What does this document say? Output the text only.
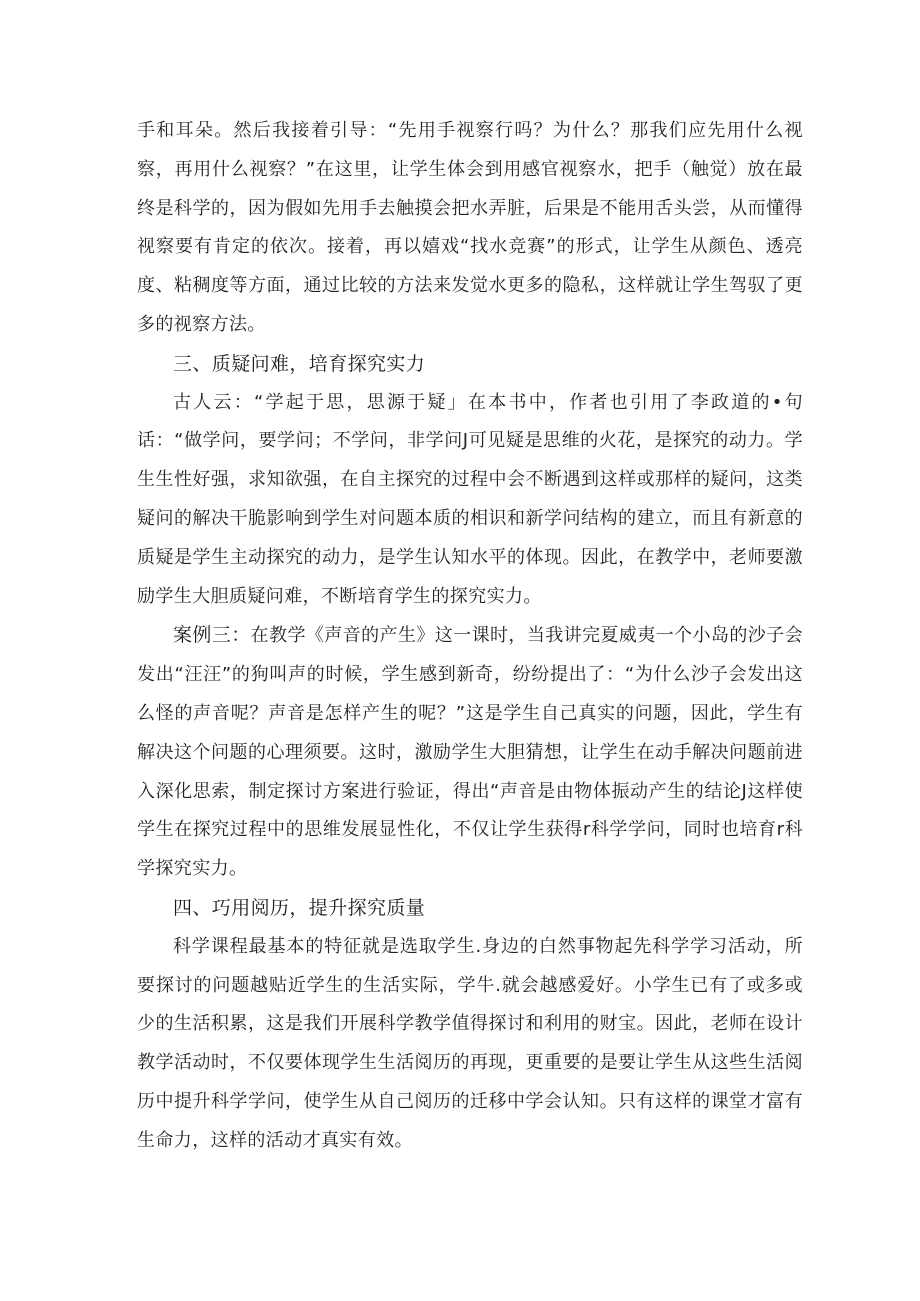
手和耳朵。然后我接着引导：“先用手视察行吗？为什么？那我们应先用什么视察，再用什么视察？”在这里，让学生体会到用感官视察水，把手（触觉）放在最终是科学的，因为假如先用手去触摸会把水弄脏，后果是不能用舌头尝，从而懂得视察要有肯定的依次。接着，再以嬉戏“找水竞赛”的形式，让学生从颜色、透亮度、粘稠度等方面，通过比较的方法来发觉水更多的隐私，这样就让学生驾驭了更多的视察方法。

三、质疑问难，培育探究实力

古人云：“学起于思，思源于疑」在本书中，作者也引用了李政道的•句话：“做学问，要学问；不学问，非学问J可见疑是思维的火花，是探究的动力。学生生性好强，求知欲强，在自主探究的过程中会不断遇到这样或那样的疑问，这类疑问的解决干脆影响到学生对问题本质的相识和新学问结构的建立，而且有新意的质疑是学生主动探究的动力，是学生认知水平的体现。因此，在教学中，老师要激励学生大胆质疑问难，不断培育学生的探究实力。

案例三：在教学《声音的产生》这一课时，当我讲完夏威夷一个小岛的沙子会发出“汪汪”的狗叫声的时候，学生感到新奇，纷纷提出了：“为什么沙子会发出这么怪的声音呢？声音是怎样产生的呢？”这是学生自己真实的问题，因此，学生有解决这个问题的心理须要。这时，激励学生大胆猜想，让学生在动手解决问题前进入深化思索，制定探讨方案进行验证，得出“声音是由物体振动产生的结论J这样使学生在探究过程中的思维发展显性化，不仅让学生获得r科学学问，同时也培育r科学探究实力。

四、巧用阅历，提升探究质量

科学课程最基本的特征就是选取学生.身边的白然事物起先科学学习活动，所要探讨的问题越贴近学生的生活实际，学牛.就会越感爱好。小学生已有了或多或少的生活积累，这是我们开展科学教学值得探讨和利用的财宝。因此，老师在设计教学活动时，不仅要体现学生生活阅历的再现，更重要的是要让学生从这些生活阅历中提升科学学问，使学生从自己阅历的迁移中学会认知。只有这样的课堂才富有生命力，这样的活动才真实有效。
